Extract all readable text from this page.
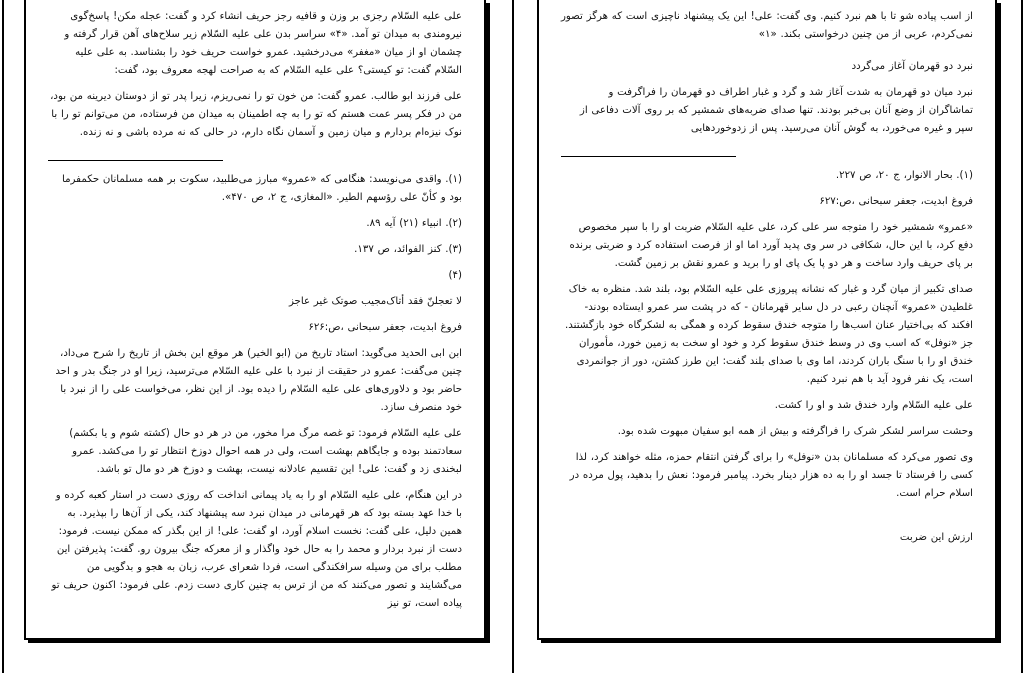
علی علیه السّلام رجزی بر وزن و قافیه رجز حریف انشاء کرد و گفت: عجله مکن! پاسخ‌گوی نیرومندی به میدان تو آمد. «۴» سراسر بدن علی علیه السّلام زیر سلاح‌های آهن قرار گرفته و چشمان او از میان «مغفر» می‌درخشید. عمرو خواست حریف خود را بشناسد. به علی علیه السّلام گفت: تو کیستی؟ علی علیه السّلام که به صراحت لهجه معروف بود، گفت:

علی فرزند ابو طالب. عمرو گفت: من خون تو را نمی‌ریزم، زیرا پدر تو از دوستان دیرینه من بود، من در فکر پسر عمت هستم که تو را به چه اطمینان به میدان من فرستاده، من می‌توانم تو را با نوک نیزه‌ام بردارم و میان زمین و آسمان نگاه دارم، در حالی که نه مرده باشی و نه زنده.

(۱). واقدی می‌نویسد: هنگامی که «عمرو» مبارز می‌طلبید، سکوت بر همه مسلمانان حکمفرما بود و کأنّ علی رؤسهم الطیر. «المغازی، ج ۲، ص ۴۷۰».

(۲). انبیاء (۲۱) آیه ۸۹.

(۳). کنز الفوائد، ص ۱۳۷.

(۴)

لا تعجلنّ فقد أتاک‌مجیب صوتک غیر عاجز

فروغ ابدیت، جعفر سبحانی ،ص:۶۲۶

ابن ابی الحدید می‌گوید: استاد تاریخ من (ابو الخیر) هر موقع این بخش از تاریخ را شرح می‌داد، چنین می‌گفت: عمرو در حقیقت از نبرد با علی علیه السّلام می‌ترسید، زیرا او در جنگ بدر و احد حاضر بود و دلاوری‌های علی علیه السّلام را دیده بود. از این نظر، می‌خواست علی را از نبرد با خود منصرف سازد.

علی علیه السّلام فرمود: تو غصه مرگ مرا مخور، من در هر دو حال (کشته شوم و یا بکشم) سعادتمند بوده و جایگاهم بهشت است، ولی در همه احوال دوزخ انتظار تو را می‌کشد. عمرو لبخندی زد و گفت: علی! این تقسیم عادلانه نیست، بهشت و دوزخ هر دو مال تو باشد.

در این هنگام، علی علیه السّلام او را به یاد پیمانی انداخت که روزی دست در استار کعبه کرده و با خدا عهد بسته بود که هر قهرمانی در میدان نبرد سه پیشنهاد کند، یکی از آن‌ها را بپذیرد. به همین دلیل، علی گفت: نخست اسلام آورد، او گفت: علی! از این بگذر که ممکن نیست. فرمود: دست از نبرد بردار و محمد را به حال خود واگذار و از معرکه جنگ بیرون رو. گفت: پذیرفتن این مطلب برای من وسیله سرافکندگی است، فردا شعرای عرب، زبان به هجو و بدگویی من می‌گشایند و تصور می‌کنند که من از ترس به چنین کاری دست زدم. علی فرمود: اکنون حریف تو پیاده است، تو نیز

از اسب پیاده شو تا با هم نبرد کنیم. وی گفت: علی! این یک پیشنهاد ناچیزی است که هرگز تصور نمی‌کردم، عربی از من چنین درخواستی بکند. «۱»

نبرد دو قهرمان آغاز می‌گردد

نبرد میان دو قهرمان به شدت آغاز شد و گرد و غبار اطراف دو قهرمان را فراگرفت و تماشاگران از وضع آنان بی‌خبر بودند. تنها صدای ضربه‌های شمشیر که بر روی آلات دفاعی از سپر و غیره می‌خورد، به گوش آنان می‌رسید. پس از زدوخوردهایی

(۱). بحار الانوار، ج ۲۰، ص ۲۲۷.

فروغ ابدیت، جعفر سبحانی ،ص:۶۲۷

«عمرو» شمشیر خود را متوجه سر علی کرد، علی علیه السّلام ضربت او را با سپر مخصوص دفع کرد، با این حال، شکافی در سر وی پدید آورد اما او از فرصت استفاده کرد و ضربتی برنده بر پای حریف وارد ساخت و هر دو پا یک پای او را برید و عمرو نقش بر زمین گشت.

صدای تکبیر از میان گرد و غبار که نشانه پیروزی علی علیه السّلام بود، بلند شد. منظره به خاک غلطیدن «عمرو» آنچنان رعبی در دل سایر قهرمانان - که در پشت سر عمرو ایستاده بودند- افکند که بی‌اختیار عنان اسب‌ها را متوجه خندق سقوط کرده و همگی به لشکرگاه خود بازگشتند. جز «نوفل» که اسب وی در وسط خندق سقوط کرد و خود او سخت به زمین خورد، مأموران خندق او را با سنگ باران کردند، اما وی با صدای بلند گفت: این طرز کشتن، دور از جوانمردی است، یک نفر فرود آید با هم نبرد کنیم.

علی علیه السّلام وارد خندق شد و او را کشت.

وحشت سراسر لشکر شرک را فراگرفته و بیش از همه ابو سفیان مبهوت شده بود.

وی تصور می‌کرد که مسلمانان بدن «نوفل» را برای گرفتن انتقام حمزه، مثله خواهند کرد، لذا کسی را فرستاد تا جسد او را به ده هزار دینار بخرد. پیامبر فرمود: نعش را بدهید، پول مرده در اسلام حرام است.

ارزش این ضربت
